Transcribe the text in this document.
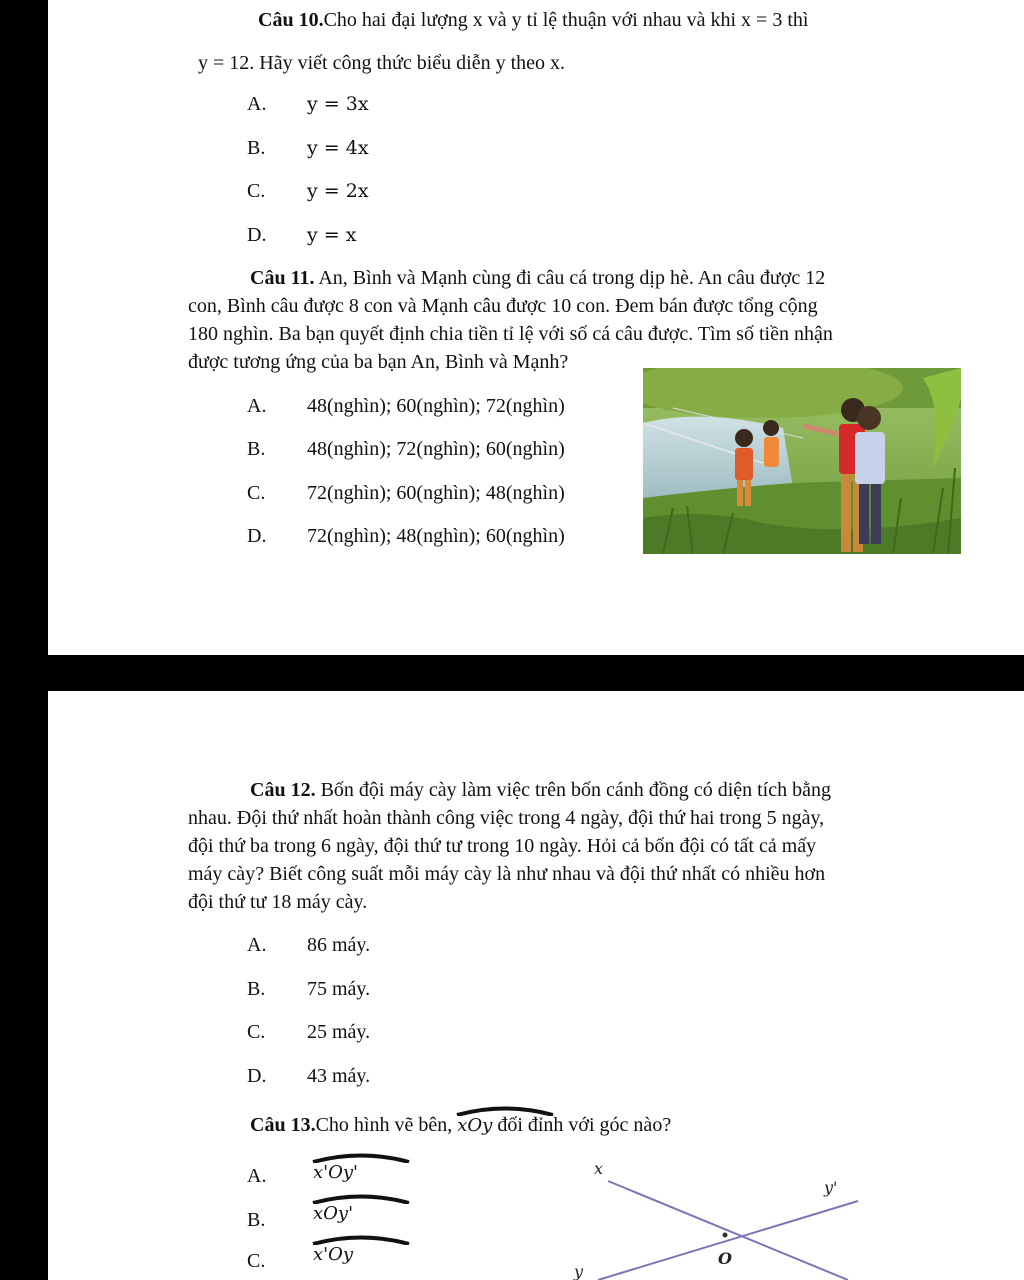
Câu 10.Cho hai đại lượng x và y tỉ lệ thuận với nhau và khi x = 3 thì
y = 12. Hãy viết công thức biểu diễn y theo x.
A. y = 3x
B. y = 4x
C. y = 2x
D. y = x
Câu 11. An, Bình và Mạnh cùng đi câu cá trong dịp hè. An câu được 12
con, Bình câu được 8 con và Mạnh câu được 10 con. Đem bán được tổng cộng
180 nghìn. Ba bạn quyết định chia tiền tỉ lệ với số cá câu được. Tìm số tiền nhận
được tương ứng của ba bạn An, Bình và Mạnh?
A. 48(nghìn); 60(nghìn); 72(nghìn)
B. 48(nghìn); 72(nghìn); 60(nghìn)
C. 72(nghìn); 60(nghìn); 48(nghìn)
D. 72(nghìn); 48(nghìn); 60(nghìn)
Câu 12. Bốn đội máy cày làm việc trên bốn cánh đồng có diện tích bằng
nhau. Đội thứ nhất hoàn thành công việc trong 4 ngày, đội thứ hai trong 5 ngày,
đội thứ ba trong 6 ngày, đội thứ tư trong 10 ngày. Hỏi cả bốn đội có tất cả mấy
máy cày? Biết công suất mỗi máy cày là như nhau và đội thứ nhất có nhiều hơn
đội thứ tư 18 máy cày.
A. 86 máy.
B. 75 máy.
C. 25 máy.
D. 43 máy.
Câu 13.Cho hình vẽ bên,
xOy đối đỉnh với góc nào?
A.	x'Oy'
B.	xOy'
C.	x'Oy
x
y'
O
y
